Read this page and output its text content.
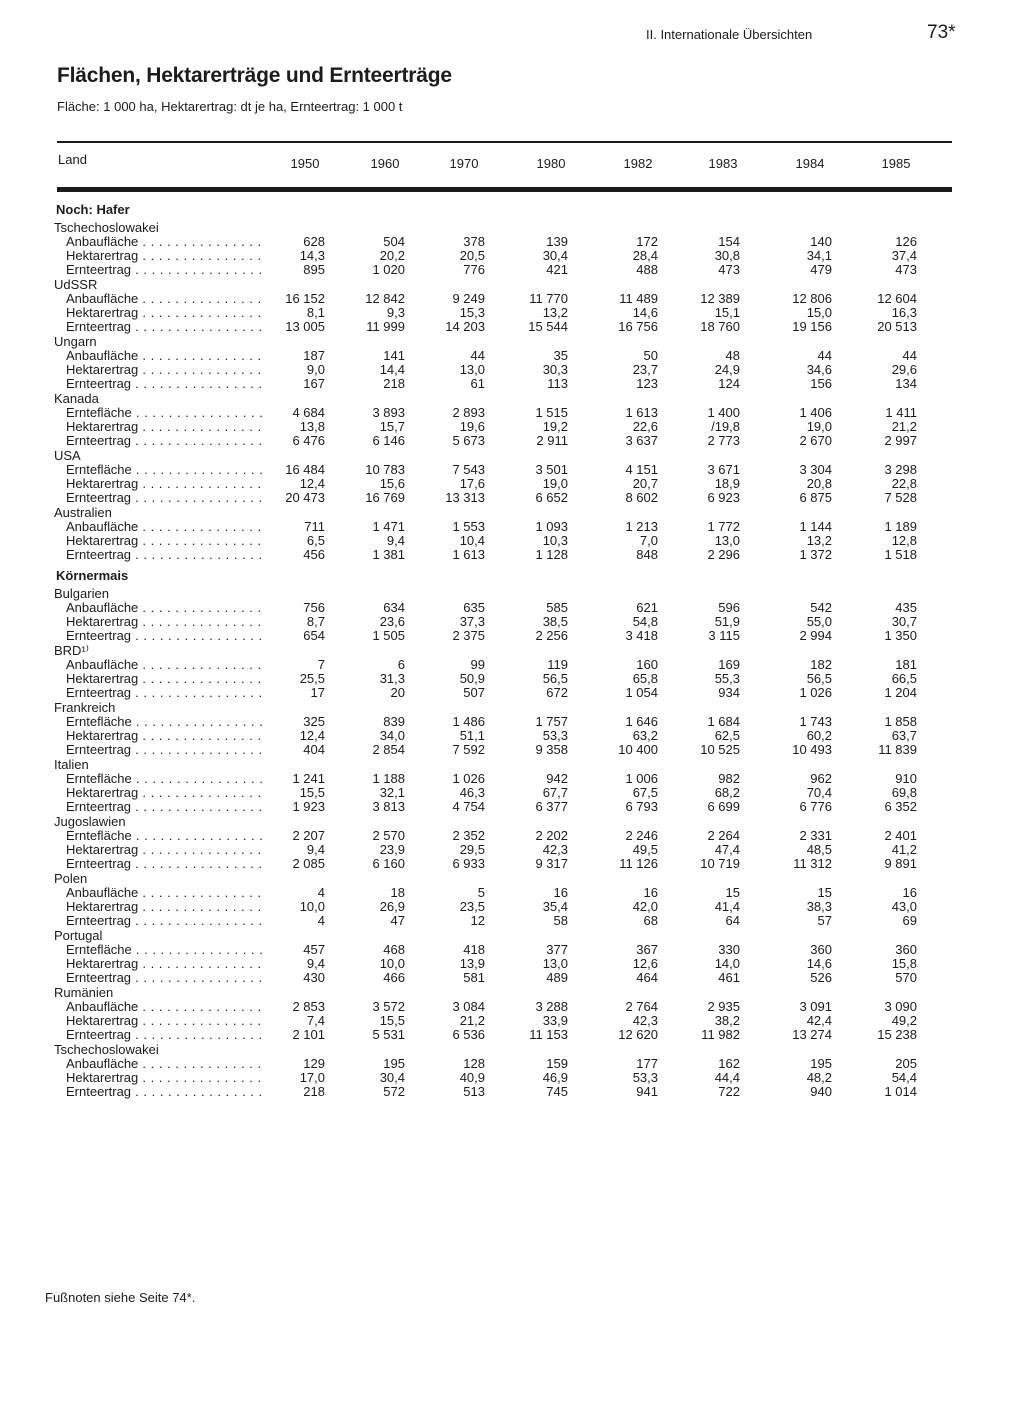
II. Internationale Übersichten	73*
Flächen, Hektarerträge und Ernteerträge
Fläche: 1 000 ha, Hektarertrag: dt je ha, Ernteertrag: 1 000 t
Land	1950	1960	1970	1980	1982	1983	1984	1985
Noch: Hafer
Tschechoslowakei
Anbaufläche . . .	628	504	378	139	172	154	140	126
Hektarertrag . . .	14,3	20,2	20,5	30,4	28,4	30,8	34,1	37,4
Ernteertrag . . .	895	1 020	776	421	488	473	479	473
UdSSR
Anbaufläche . . .	16 152	12 842	9 249	11 770	11 489	12 389	12 806	12 604
Hektarertrag . . .	8,1	9,3	15,3	13,2	14,6	15,1	15,0	16,3
Ernteertrag . . .	13 005	11 999	14 203	15 544	16 756	18 760	19 156	20 513
Ungarn
Anbaufläche . . .	187	141	44	35	50	48	44	44
Hektarertrag . . .	9,0	14,4	13,0	30,3	23,7	24,9	34,6	29,6
Ernteertrag . . .	167	218	61	113	123	124	156	134
Kanada
Erntefläche . . .	4 684	3 893	2 893	1 515	1 613	1 400	1 406	1 411
Hektarertrag . . .	13,8	15,7	19,6	19,2	22,6	/19,8	19,0	21,2
Ernteertrag . . .	6 476	6 146	5 673	2 911	3 637	2 773	2 670	2 997
USA
Erntefläche . . .	16 484	10 783	7 543	3 501	4 151	3 671	3 304	3 298
Hektarertrag . . .	12,4	15,6	17,6	19,0	20,7	18,9	20,8	22,8
Ernteertrag . . .	20 473	16 769	13 313	6 652	8 602	6 923	6 875	7 528
Australien
Anbaufläche . . .	711	1 471	1 553	1 093	1 213	1 772	1 144	1 189
Hektarertrag . . .	6,5	9,4	10,4	10,3	7,0	13,0	13,2	12,8
Ernteertrag . . .	456	1 381	1 613	1 128	848	2 296	1 372	1 518
Körnermais
Bulgarien
Anbaufläche . . .	756	634	635	585	621	596	542	435
Hektarertrag . . .	8,7	23,6	37,3	38,5	54,8	51,9	55,0	30,7
Ernteertrag . . .	654	1 505	2 375	2 256	3 418	3 115	2 994	1 350
BRD¹⁾
Anbaufläche . . .	7	6	99	119	160	169	182	181
Hektarertrag . . .	25,5	31,3	50,9	56,5	65,8	55,3	56,5	66,5
Ernteertrag . . .	17	20	507	672	1 054	934	1 026	1 204
Frankreich
Erntefläche . . .	325	839	1 486	1 757	1 646	1 684	1 743	1 858
Hektarertrag . . .	12,4	34,0	51,1	53,3	63,2	62,5	60,2	63,7
Ernteertrag . . .	404	2 854	7 592	9 358	10 400	10 525	10 493	11 839
Italien
Erntefläche . . .	1 241	1 188	1 026	942	1 006	982	962	910
Hektarertrag . . .	15,5	32,1	46,3	67,7	67,5	68,2	70,4	69,8
Ernteertrag . . .	1 923	3 813	4 754	6 377	6 793	6 699	6 776	6 352
Jugoslawien
Erntefläche . . .	2 207	2 570	2 352	2 202	2 246	2 264	2 331	2 401
Hektarertrag . . .	9,4	23,9	29,5	42,3	49,5	47,4	48,5	41,2
Ernteertrag . . .	2 085	6 160	6 933	9 317	11 126	10 719	11 312	9 891
Polen
Anbaufläche . . .	4	18	5	16	16	15	15	16
Hektarertrag . . .	10,0	26,9	23,5	35,4	42,0	41,4	38,3	43,0
Ernteertrag . . .	4	47	12	58	68	64	57	69
Portugal
Erntefläche . . .	457	468	418	377	367	330	360	360
Hektarertrag . . .	9,4	10,0	13,9	13,0	12,6	14,0	14,6	15,8
Ernteertrag . . .	430	466	581	489	464	461	526	570
Rumänien
Anbaufläche . . .	2 853	3 572	3 084	3 288	2 764	2 935	3 091	3 090
Hektarertrag . . .	7,4	15,5	21,2	33,9	42,3	38,2	42,4	49,2
Ernteertrag . . .	2 101	5 531	6 536	11 153	12 620	11 982	13 274	15 238
Tschechoslowakei
Anbaufläche . . .	129	195	128	159	177	162	195	205
Hektarertrag . . .	17,0	30,4	40,9	46,9	53,3	44,4	48,2	54,4
Ernteertrag . . .	218	572	513	745	941	722	940	1 014
Fußnoten siehe Seite 74*.
